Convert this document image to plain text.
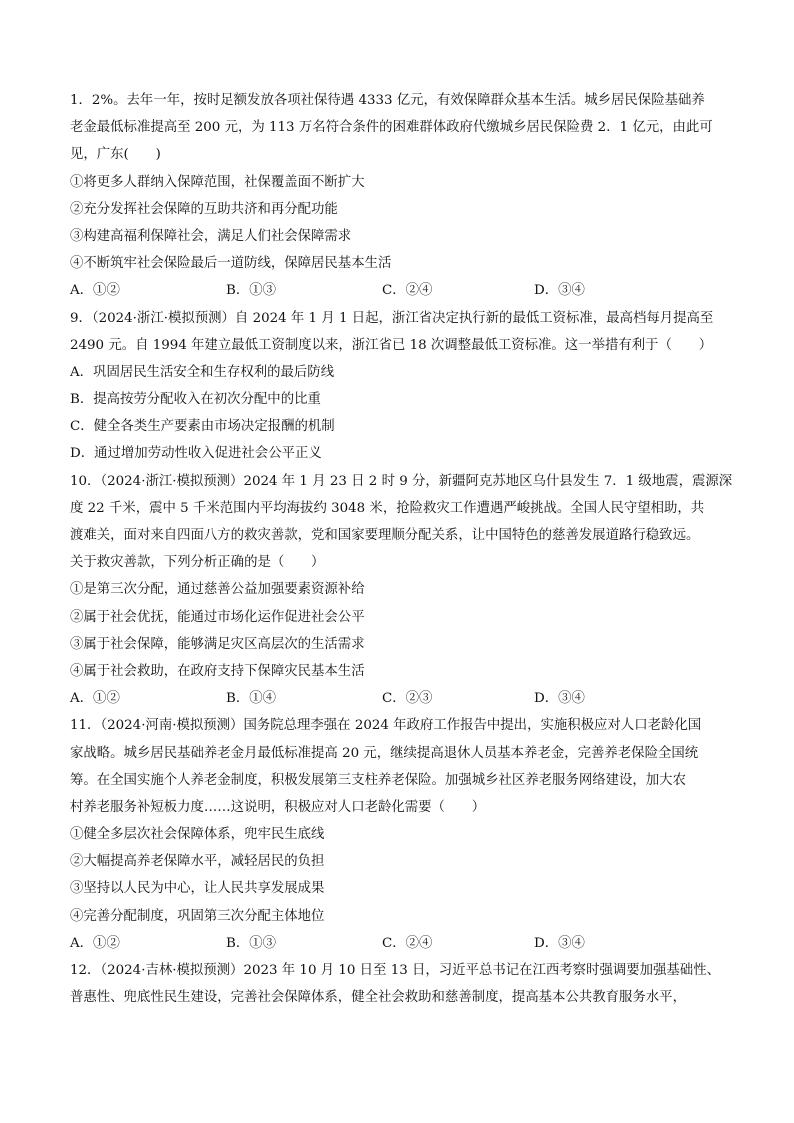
1．2%。去年一年，按时足额发放各项社保待遇 4333 亿元，有效保障群众基本生活。城乡居民保险基础养
老金最低标准提高至 200 元，为 113 万名符合条件的困难群体政府代缴城乡居民保险费 2．1 亿元，由此可
见，广东(　　)
①将更多人群纳入保障范围，社保覆盖面不断扩大
②充分发挥社会保障的互助共济和再分配功能
③构建高福利保障社会，满足人们社会保障需求
④不断筑牢社会保险最后一道防线，保障居民基本生活
A．①②	B．①③	C．②④	D．③④
9．（2024·浙江·模拟预测）自 2024 年 1 月 1 日起，浙江省决定执行新的最低工资标准，最高档每月提高至
2490 元。自 1994 年建立最低工资制度以来，浙江省已 18 次调整最低工资标准。这一举措有利于（　　）
A．巩固居民生活安全和生存权利的最后防线
B．提高按劳分配收入在初次分配中的比重
C．健全各类生产要素由市场决定报酬的机制
D．通过增加劳动性收入促进社会公平正义
10．（2024·浙江·模拟预测）2024 年 1 月 23 日 2 时 9 分，新疆阿克苏地区乌什县发生 7．1 级地震，震源深
度 22 千米，震中 5 千米范围内平均海拔约 3048 米，抢险救灾工作遭遇严峻挑战。全国人民守望相助，共
渡难关，面对来自四面八方的救灾善款，党和国家要理顺分配关系，让中国特色的慈善发展道路行稳致远。
关于救灾善款，下列分析正确的是（　　）
①是第三次分配，通过慈善公益加强要素资源补给
②属于社会优抚，能通过市场化运作促进社会公平
③属于社会保障，能够满足灾区高层次的生活需求
④属于社会救助，在政府支持下保障灾民基本生活
A．①②	B．①④	C．②③	D．③④
11．（2024·河南·模拟预测）国务院总理李强在 2024 年政府工作报告中提出，实施积极应对人口老龄化国
家战略。城乡居民基础养老金月最低标准提高 20 元，继续提高退休人员基本养老金，完善养老保险全国统
筹。在全国实施个人养老金制度，积极发展第三支柱养老保险。加强城乡社区养老服务网络建设，加大农
村养老服务补短板力度……这说明，积极应对人口老龄化需要（　　）
①健全多层次社会保障体系，兜牢民生底线
②大幅提高养老保障水平，减轻居民的负担
③坚持以人民为中心，让人民共享发展成果
④完善分配制度，巩固第三次分配主体地位
A．①②	B．①③	C．②④	D．③④
12．（2024·吉林·模拟预测）2023 年 10 月 10 日至 13 日，习近平总书记在江西考察时强调要加强基础性、
普惠性、兜底性民生建设，完善社会保障体系，健全社会救助和慈善制度，提高基本公共教育服务水平，
